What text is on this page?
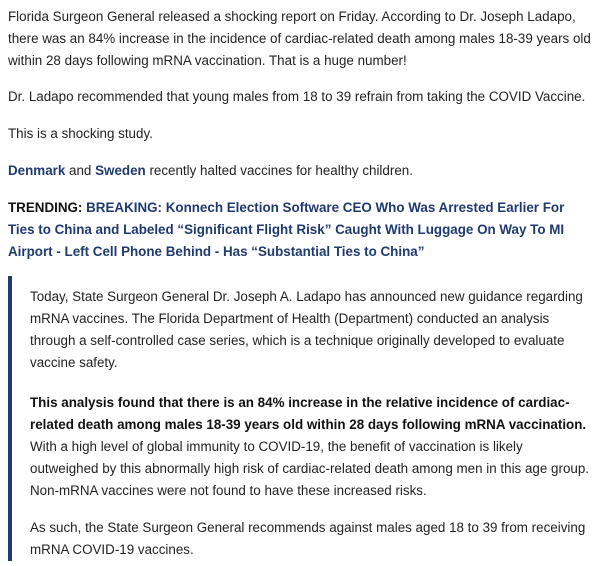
Florida Surgeon General released a shocking report on Friday. According to Dr. Joseph Ladapo, there was an 84% increase in the incidence of cardiac-related death among males 18-39 years old within 28 days following mRNA vaccination. That is a huge number!

Dr. Ladapo recommended that young males from 18 to 39 refrain from taking the COVID Vaccine.

This is a shocking study.

Denmark and Sweden recently halted vaccines for healthy children.

TRENDING: BREAKING: Konnech Election Software CEO Who Was Arrested Earlier For Ties to China and Labeled “Significant Flight Risk” Caught With Luggage On Way To MI Airport - Left Cell Phone Behind - Has “Substantial Ties to China”

Today, State Surgeon General Dr. Joseph A. Ladapo has announced new guidance regarding mRNA vaccines. The Florida Department of Health (Department) conducted an analysis through a self-controlled case series, which is a technique originally developed to evaluate vaccine safety.

This analysis found that there is an 84% increase in the relative incidence of cardiac-related death among males 18-39 years old within 28 days following mRNA vaccination. With a high level of global immunity to COVID-19, the benefit of vaccination is likely outweighed by this abnormally high risk of cardiac-related death among men in this age group. Non-mRNA vaccines were not found to have these increased risks.

As such, the State Surgeon General recommends against males aged 18 to 39 from receiving mRNA COVID-19 vaccines.
